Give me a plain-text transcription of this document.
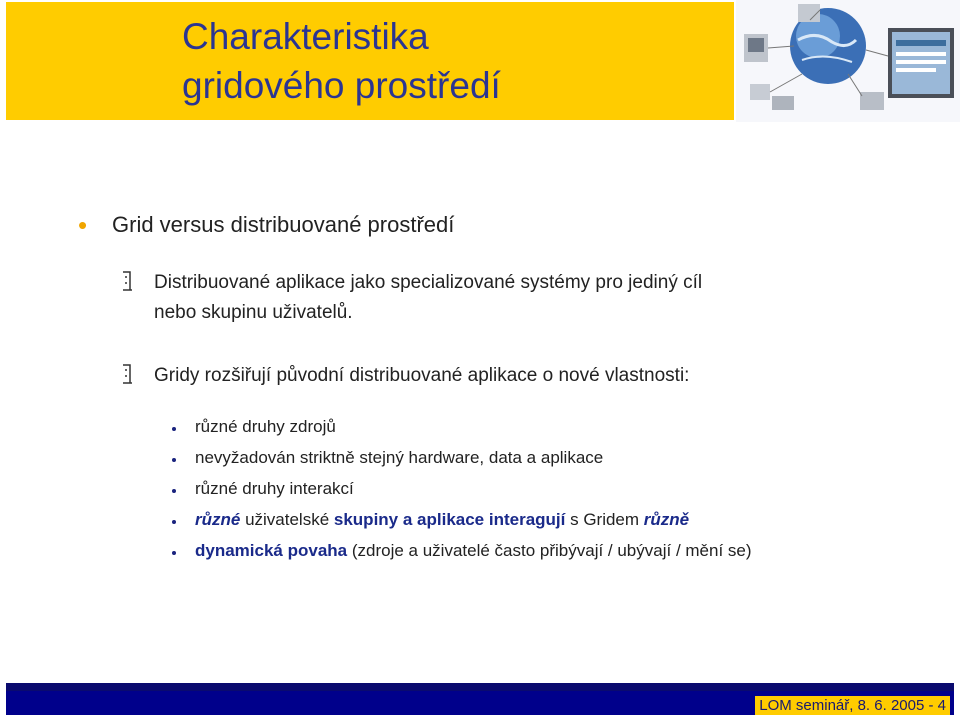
Charakteristika
gridového prostředí
• Grid versus distribuované prostředí
Distribuované aplikace jako specializované systémy pro jediný cíl
nebo skupinu uživatelů.
Gridy rozšiřují původní distribuované aplikace o nové vlastnosti:
různé druhy zdrojů
nevyžadován striktně stejný hardware, data a aplikace
různé druhy interakcí
různé uživatelské skupiny a aplikace interagují s Gridem různě
dynamická povaha (zdroje a uživatelé často přibývají / ubývají / mění se)
LOM seminář, 8. 6. 2005 - 4
